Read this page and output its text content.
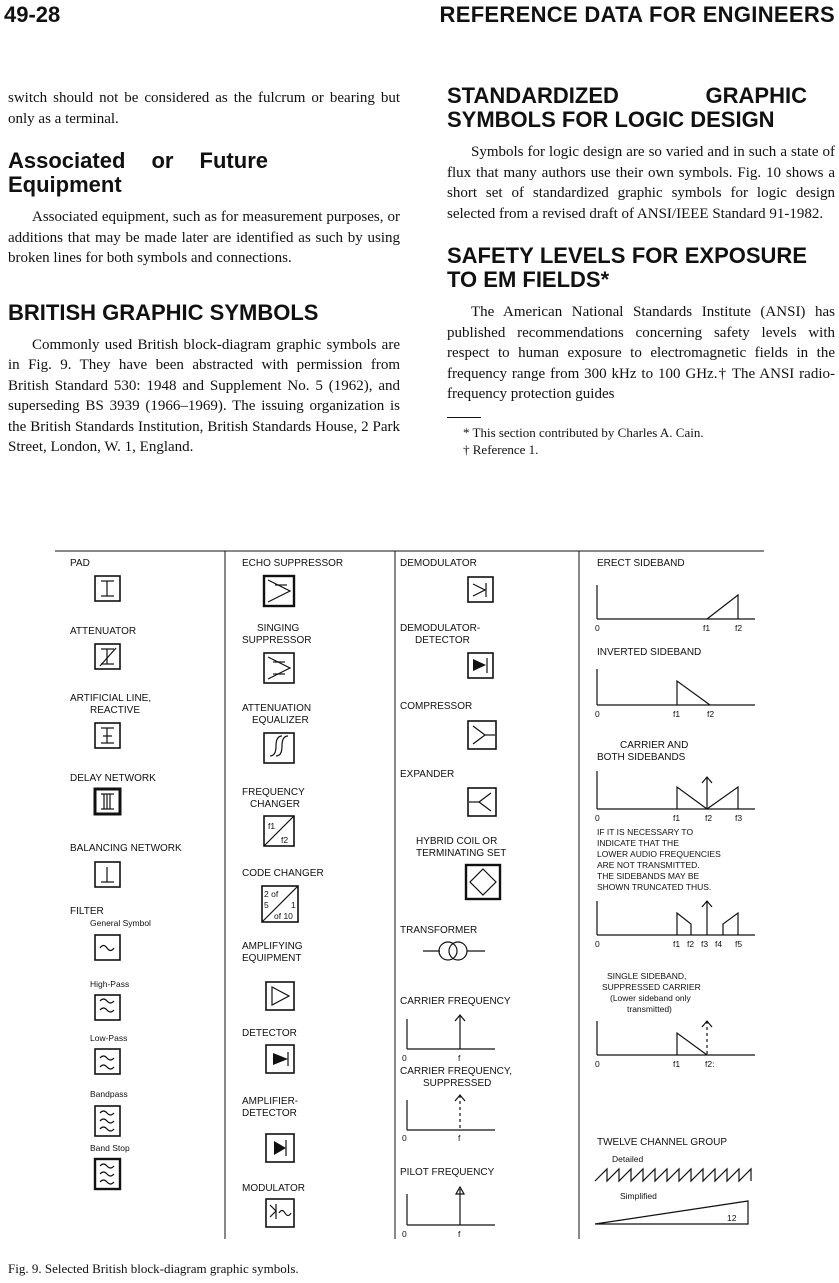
49-28	REFERENCE DATA FOR ENGINEERS

switch should not be considered as the fulcrum or bearing but only as a terminal.

Associated or Future Equipment

Associated equipment, such as for measurement purposes, or additions that may be made later are identified as such by using broken lines for both symbols and connections.

BRITISH GRAPHIC SYMBOLS

Commonly used British block-diagram graphic symbols are in Fig. 9. They have been abstracted with permission from British Standard 530: 1948 and Supplement No. 5 (1962), and superseding BS 3939 (1966–1969). The issuing organization is the British Standards Institution, British Standards House, 2 Park Street, London, W. 1, England.

STANDARDIZED GRAPHIC SYMBOLS FOR LOGIC DESIGN

Symbols for logic design are so varied and in such a state of flux that many authors use their own symbols. Fig. 10 shows a short set of standardized graphic symbols for logic design selected from a revised draft of ANSI/IEEE Standard 91-1982.

SAFETY LEVELS FOR EXPOSURE TO EM FIELDS*

The American National Standards Institute (ANSI) has published recommendations concerning safety levels with respect to human exposure to electromagnetic fields in the frequency range from 300 kHz to 100 GHz.† The ANSI radio-frequency protection guides

* This section contributed by Charles A. Cain.

† Reference 1.

PAD
ATTENUATOR
ARTIFICIAL LINE,
REACTIVE
DELAY NETWORK
BALANCING NETWORK
FILTER
General Symbol
High-Pass
Low-Pass
Bandpass
Band Stop
ECHO SUPPRESSOR
SINGING
SUPPRESSOR
ATTENUATION
EQUALIZER
FREQUENCY
CHANGER
f1
f2
CODE CHANGER
2 of
5	1
of 10
AMPLIFYING
EQUIPMENT
DETECTOR
AMPLIFIER-
DETECTOR
MODULATOR
DEMODULATOR
DEMODULATOR-
DETECTOR
COMPRESSOR
EXPANDER
HYBRID COIL OR
TERMINATING SET
TRANSFORMER
CARRIER FREQUENCY
0	f
CARRIER FREQUENCY,
SUPPRESSED
0	f
PILOT FREQUENCY
0	f
ERECT SIDEBAND
0	f1	f2
INVERTED SIDEBAND
0	f1	f2
CARRIER AND
BOTH SIDEBANDS
0	f1	f2	f3
IF IT IS NECESSARY TO
INDICATE THAT THE
LOWER AUDIO FREQUENCIES
ARE NOT TRANSMITTED.
THE SIDEBANDS MAY BE
SHOWN TRUNCATED THUS.
0	f1 f2 f3 f4 f5
SINGLE SIDEBAND,
SUPPRESSED CARRIER
(Lower sideband only
transmitted)
0	f1	f2:
TWELVE CHANNEL GROUP
Detailed
Simplified
12
Fig. 9. Selected British block-diagram graphic symbols.
